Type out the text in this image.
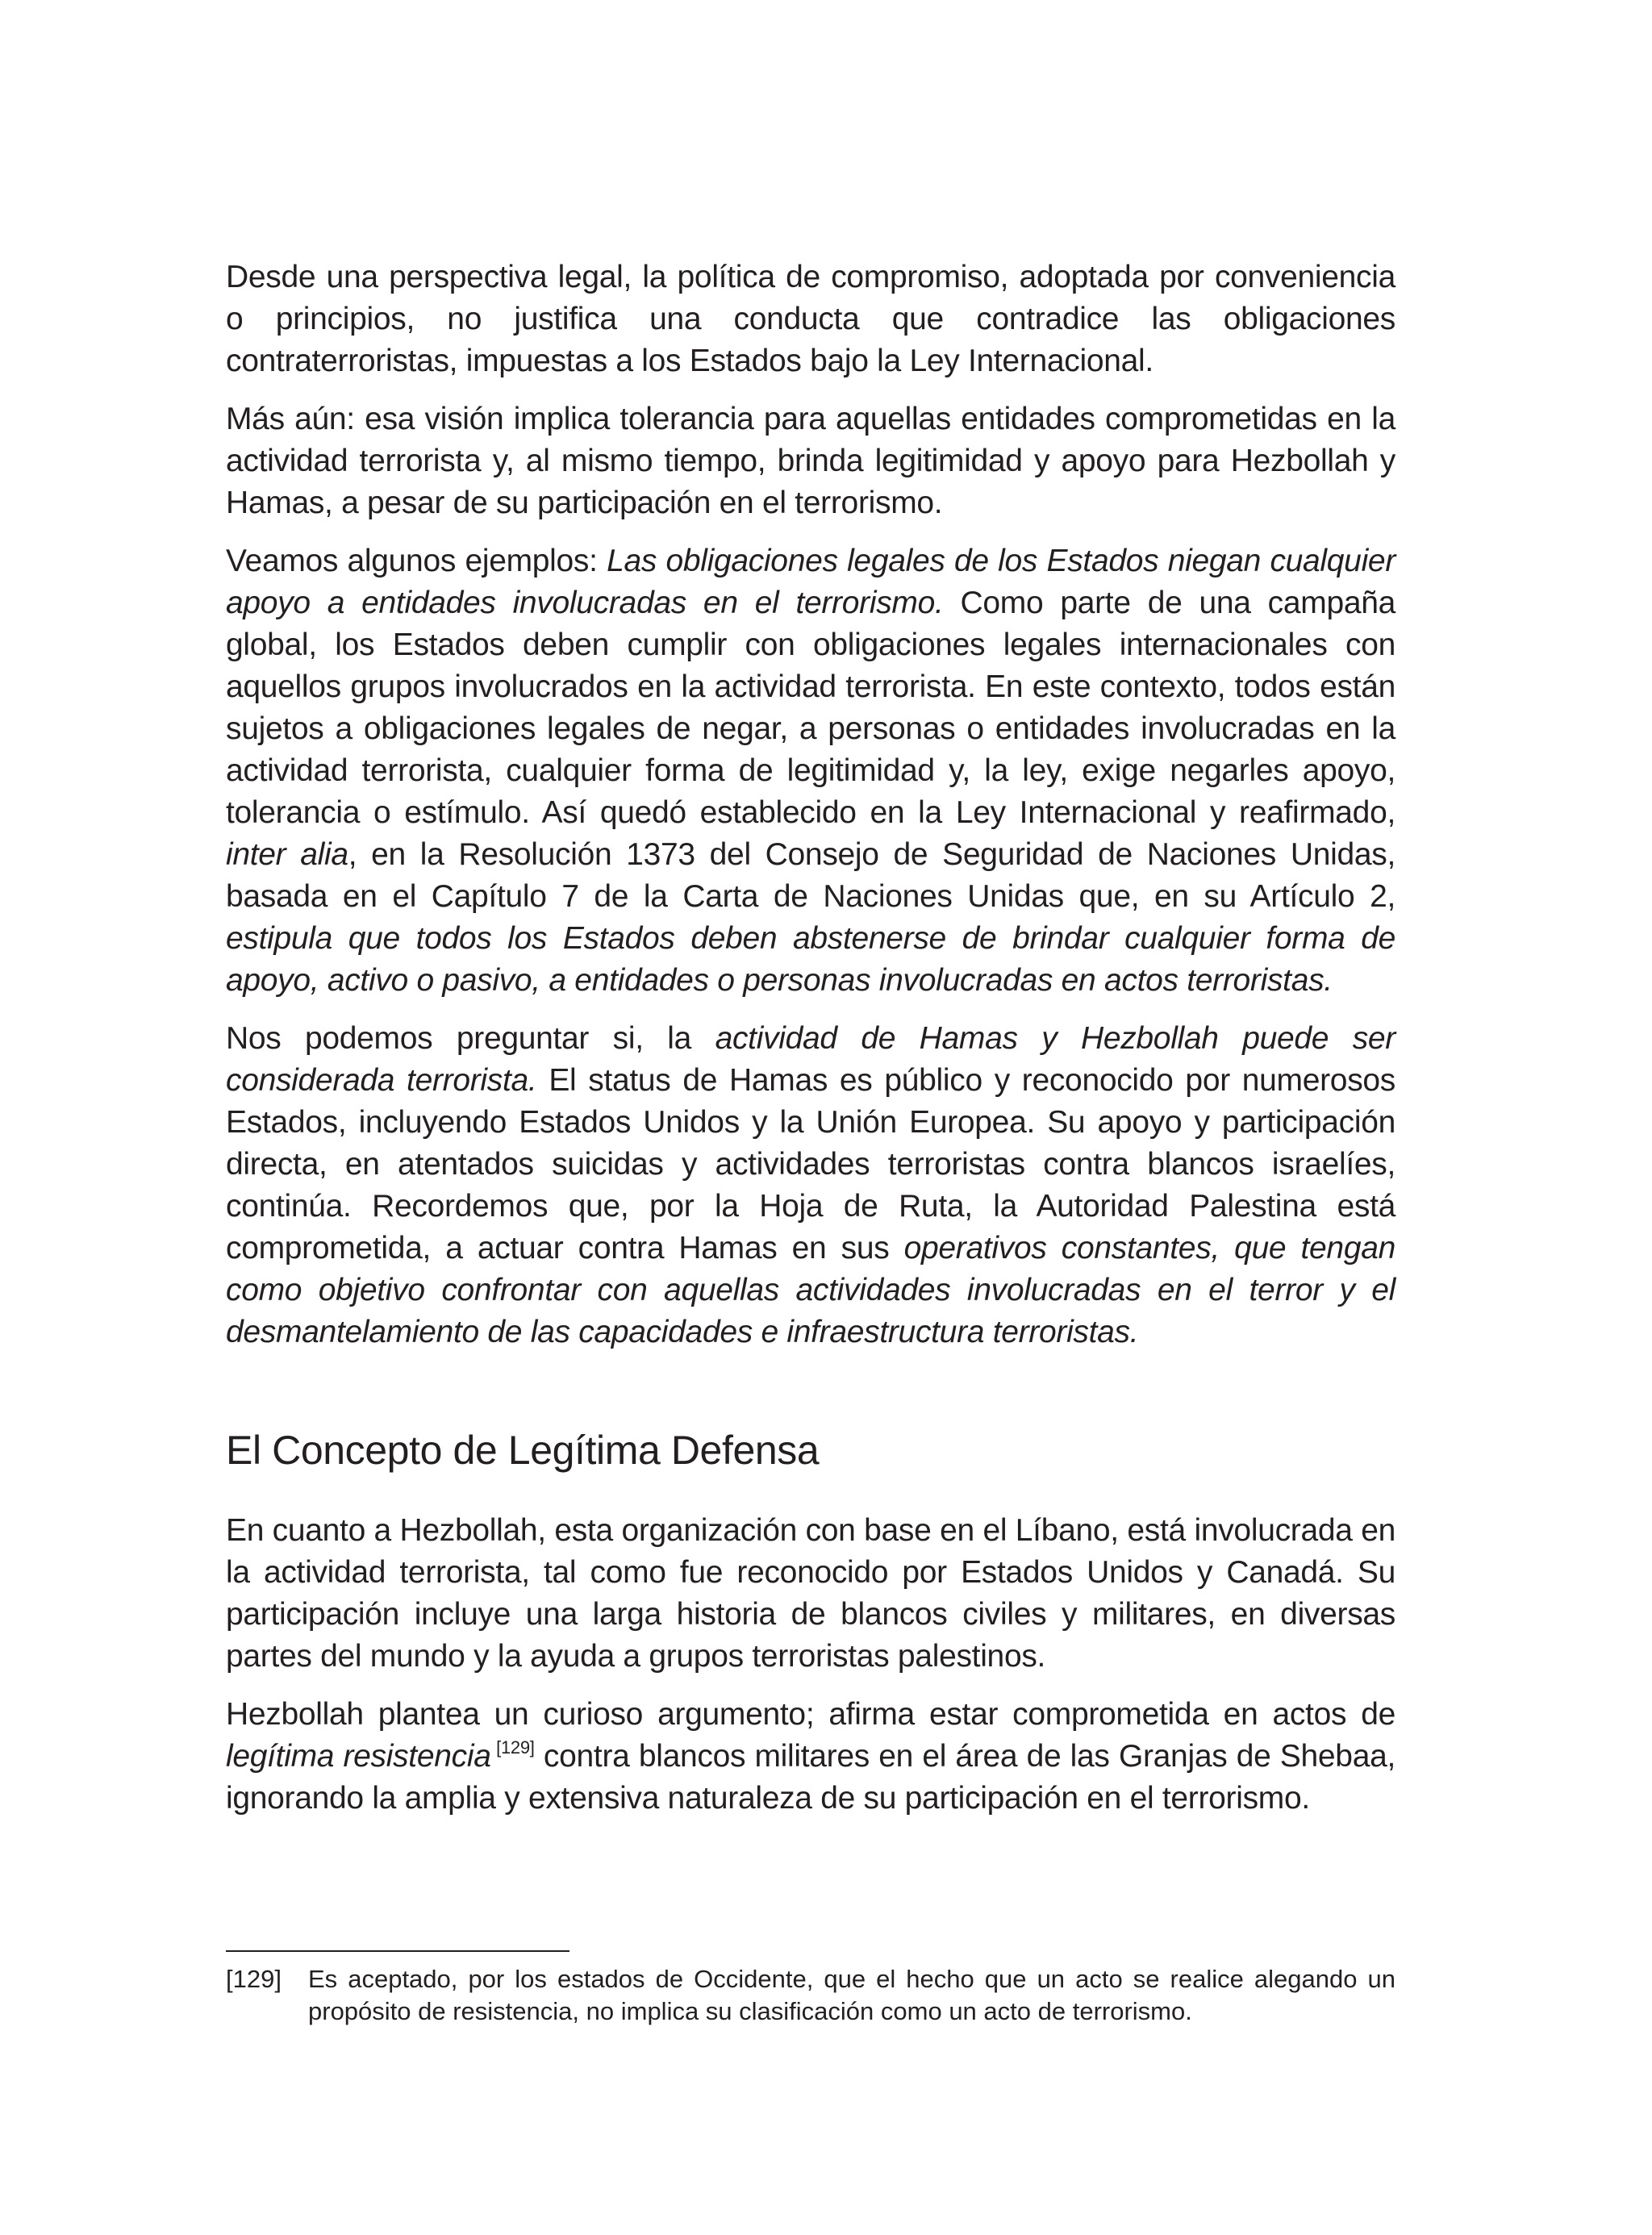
Desde una perspectiva legal, la política de compromiso, adoptada por conveniencia o principios, no justifica una conducta que contradice las obligaciones contraterroristas, impuestas a los Estados bajo la Ley Internacional.

Más aún: esa visión implica tolerancia para aquellas entidades comprometidas en la actividad terrorista y, al mismo tiempo, brinda legitimidad y apoyo para Hezbollah y Hamas, a pesar de su participación en el terrorismo.

Veamos algunos ejemplos: Las obligaciones legales de los Estados niegan cualquier apoyo a entidades involucradas en el terrorismo. Como parte de una campaña global, los Estados deben cumplir con obligaciones legales internacionales con aquellos grupos involucrados en la actividad terrorista. En este contexto, todos están sujetos a obligaciones legales de negar, a personas o entidades involucradas en la actividad terrorista, cualquier forma de legitimidad y, la ley, exige negarles apoyo, tolerancia o estímulo. Así quedó establecido en la Ley Internacional y reafirmado, inter alia, en la Resolución 1373 del Consejo de Seguridad de Naciones Unidas, basada en el Capítulo 7 de la Carta de Naciones Unidas que, en su Artículo 2, estipula que todos los Estados deben abstenerse de brindar cualquier forma de apoyo, activo o pasivo, a entidades o personas involucradas en actos terroristas.

Nos podemos preguntar si, la actividad de Hamas y Hezbollah puede ser considerada terrorista. El status de Hamas es público y reconocido por numerosos Estados, incluyendo Estados Unidos y la Unión Europea. Su apoyo y participación directa, en atentados suicidas y actividades terroristas contra blancos israelíes, continúa. Recordemos que, por la Hoja de Ruta, la Autoridad Palestina está comprometida, a actuar contra Hamas en sus operativos constantes, que tengan como objetivo confrontar con aquellas actividades involucradas en el terror y el desmantelamiento de las capacidades e infraestructura terroristas.

El Concepto de Legítima Defensa

En cuanto a Hezbollah, esta organización con base en el Líbano, está involucrada en la actividad terrorista, tal como fue reconocido por Estados Unidos y Canadá. Su participación incluye una larga historia de blancos civiles y militares, en diversas partes del mundo y la ayuda a grupos terroristas palestinos.

Hezbollah plantea un curioso argumento; afirma estar comprometida en actos de legítima resistencia [129] contra blancos militares en el área de las Granjas de Shebaa, ignorando la amplia y extensiva naturaleza de su participación en el terrorismo.

[129]	Es aceptado, por los estados de Occidente, que el hecho que un acto se realice alegando un propósito de resistencia, no implica su clasificación como un acto de terrorismo.
